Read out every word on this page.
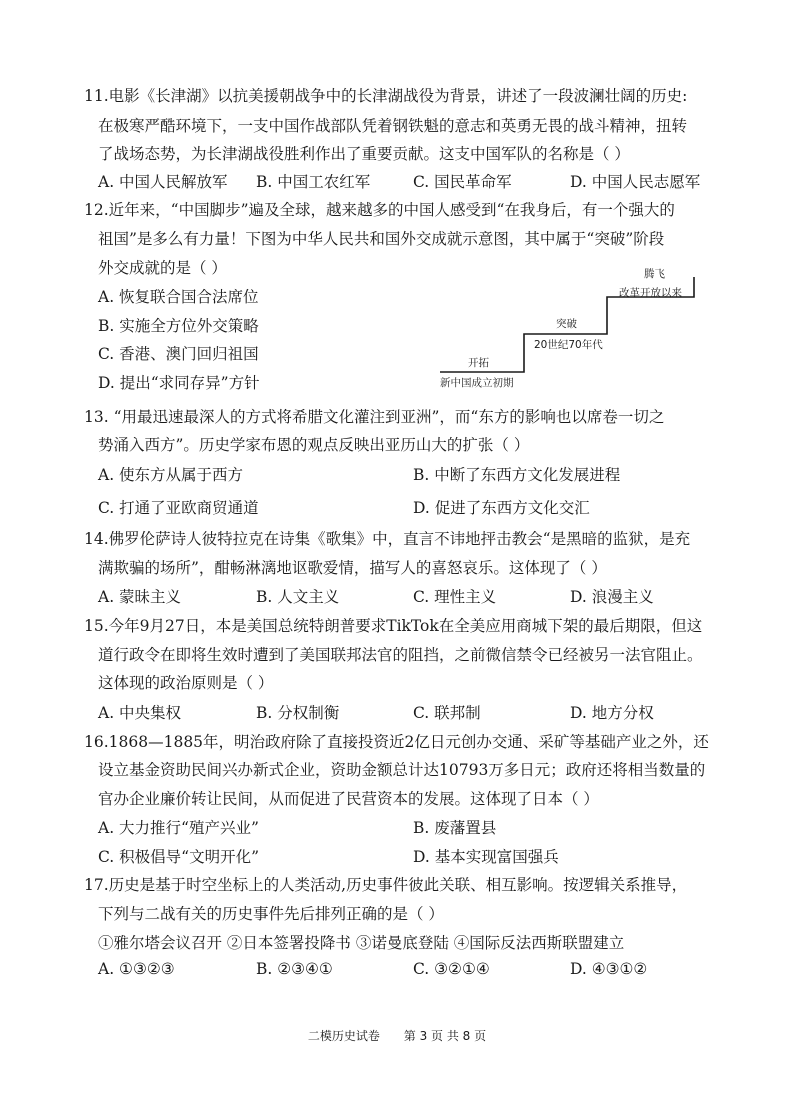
11.电影《长津湖》以抗美援朝战争中的长津湖战役为背景，讲述了一段波澜壮阔的历史:
在极寒严酷环境下，一支中国作战部队凭着钢铁魁的意志和英勇无畏的战斗精神，扭转
了战场态势，为长津湖战役胜利作出了重要贡献。这支中国军队的名称是（ ）
A. 中国人民解放军 B. 中国工农红军	C. 国民革命军	D. 中国人民志愿军
12.近年来，“中国脚步”遍及全球，越来越多的中国人感受到“在我身后，有一个强大的
祖国”是多么有力量！下图为中华人民共和国外交成就示意图，其中属于“突破”阶段
外交成就的是（ ）
A. 恢复联合国合法席位
B. 实施全方位外交策略
C. 香港、澳门回归祖国
D. 提出“求同存异”方针
开拓
新中国成立初期
突破
20世纪70年代
腾飞
改革开放以来
13. “用最迅速最深人的方式将希腊文化灌注到亚洲”，而“东方的影响也以席卷一切之
势涌入西方”。历史学家布恩的观点反映出亚历山大的扩张（ ）
A. 使东方从属于西方	B. 中断了东西方文化发展进程
C. 打通了亚欧商贸通道	D. 促进了东西方文化交汇
14.佛罗伦萨诗人彼特拉克在诗集《歌集》中，直言不讳地抨击教会“是黑暗的监狱，是充
满欺骗的场所”，酣畅淋漓地讴歌爱情，描写人的喜怒哀乐。这体现了（ ）
A. 蒙昧主义	B. 人文主义	C. 理性主义	D. 浪漫主义
15.今年9月27日，本是美国总统特朗普要求TikTok在全美应用商城下架的最后期限，但这
道行政令在即将生效时遭到了美国联邦法官的阻挡，之前微信禁令已经被另一法官阻止。
这体现的政治原则是（ ）
A. 中央集权	B. 分权制衡	C. 联邦制	D. 地方分权
16.1868—1885年，明治政府除了直接投资近2亿日元创办交通、采矿等基础产业之外，还
设立基金资助民间兴办新式企业，资助金额总计达10793万多日元；政府还将相当数量的
官办企业廉价转让民间，从而促进了民营资本的发展。这体现了日本（ ）
A. 大力推行“殖产兴业”	B. 废藩置县
C. 积极倡导“文明开化”	D. 基本实现富国强兵
17.历史是基于时空坐标上的人类活动,历史事件彼此关联、相互影响。按逻辑关系推导，
下列与二战有关的历史事件先后排列正确的是（ ）
①雅尔塔会议召开 ②日本签署投降书 ③诺曼底登陆 ④国际反法西斯联盟建立
A. ①③②③	B. ②③④①	C. ③②①④	D. ④③①②
二模历史试卷 第 3 页 共 8 页
